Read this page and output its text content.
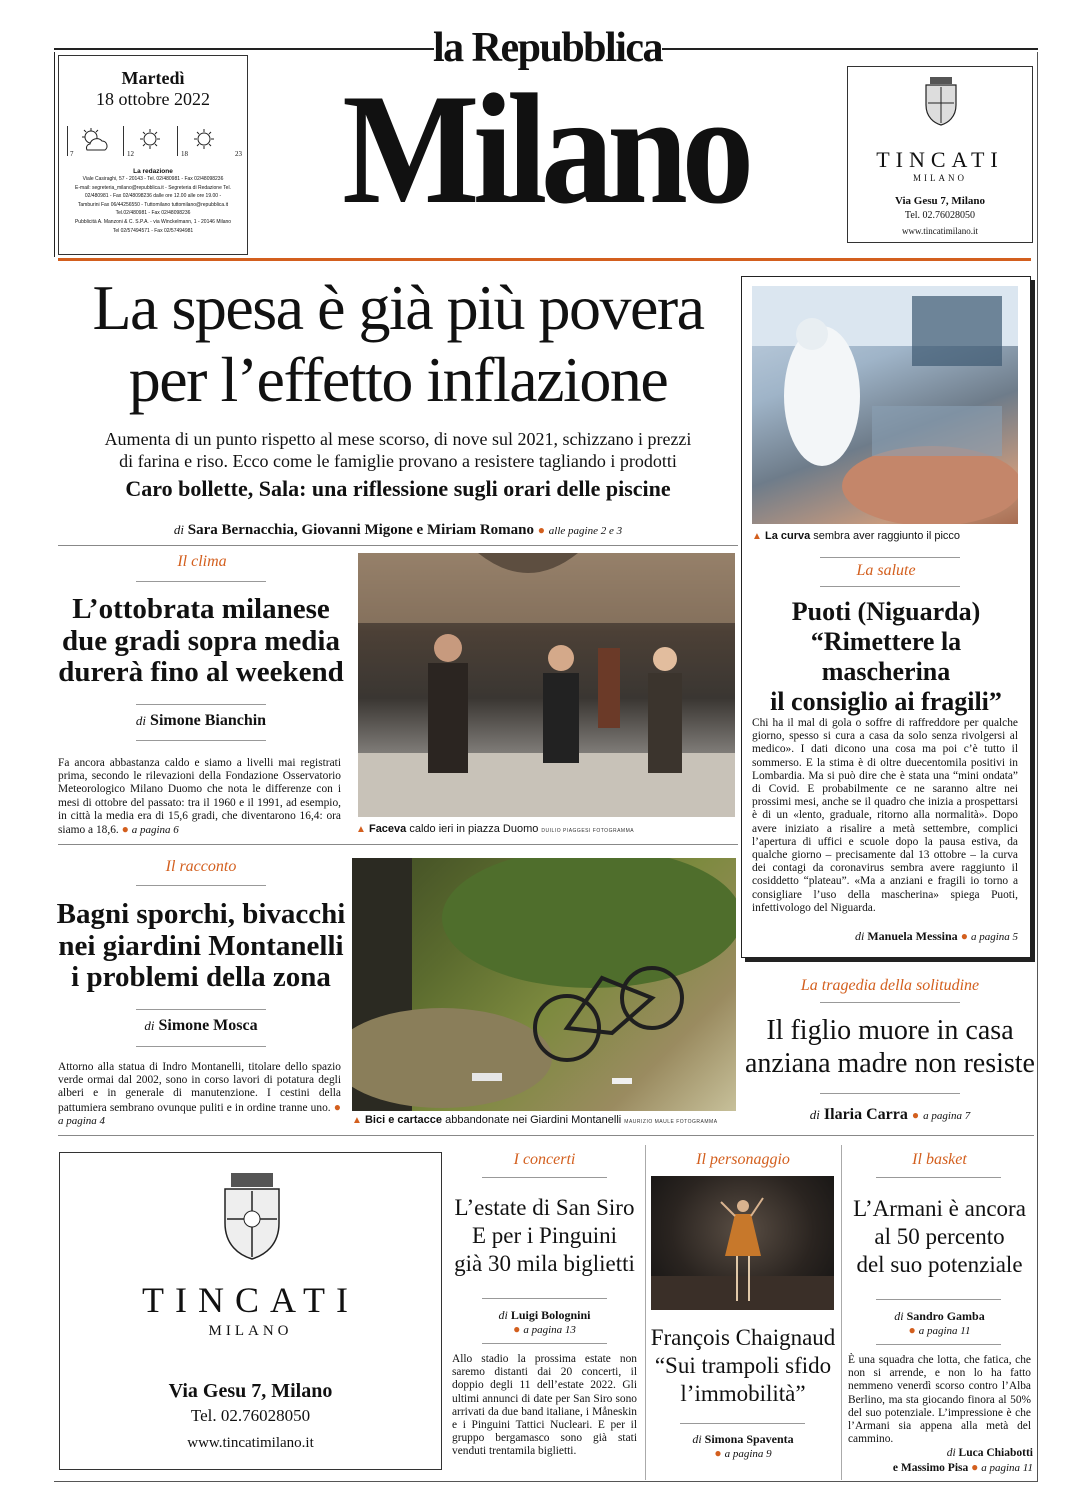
la Repubblica
Martedì
18 ottobre 2022
7	12	18	23
La redazione
Viale Casiraghi, 57 - 20143 - Tel. 02/480981 - Fax 02/48098236
E-mail: segreteria_milano@repubblica.it - Segreteria di Redazione Tel.
02/480981 - Fax 02/48098236 dalle ore 12.00 alle ore 19.00 -
Tamburini Fax 06/44256550 - Tuttomilano tuttomilano@repubblica.it
Tel.02/480981 - Fax 02/48098236
Pubblicità A. Manzoni & C. S.P.A. - via Winckelmann, 1 - 20146 Milano
Tel 02/57494571 - Fax 02/57494981 Milano	TINCATI
MILANO
Via Gesu 7, Milano
Tel. 02.76028050
www.tincatimilano.it
La spesa è già più povera
per l’effetto inflazione
Aumenta di un punto rispetto al mese scorso, di nove sul 2021, schizzano i prezzi
di farina e riso. Ecco come le famiglie provano a resistere tagliando i prodotti
Caro bollette, Sala: una riflessione sugli orari delle piscine
di Sara Bernacchia, Giovanni Migone e Miriam Romano ● alle pagine 2 e 3	▲ La curva sembra aver raggiunto il picco
La salute
Puoti (Niguarda)
“Rimettere la mascherina
il consiglio ai fragili”
Chi ha il mal di gola o soffre di raffreddore per qualche giorno, spesso si cura a casa da solo senza rivolgersi al medico». I dati dicono una cosa ma poi c’è tutto il sommerso. E la stima è di oltre duecentomila positivi in Lombardia. Ma si può dire che è stata una “mini ondata” di Covid. E probabilmente ce ne saranno altre nei prossimi mesi, anche se il quadro che inizia a prospettarsi è di un «lento, graduale, ritorno alla normalità». Dopo avere iniziato a risalire a metà settembre, complici l’apertura di uffici e scuole dopo la pausa estiva, da qualche giorno – precisamente dal 13 ottobre – la curva dei contagi da coronavirus sembra avere raggiunto il cosiddetto “plateau”. «Ma a anziani e fragili io torno a consigliare l’uso della mascherina» spiega Puoti, infettivologo del Niguarda.
di Manuela Messina ● a pagina 5
Il clima
L’ottobrata milanese
due gradi sopra media
durerà fino al weekend
di Simone Bianchin
Fa ancora abbastanza caldo e siamo a livelli mai registrati prima, secondo le rilevazioni della Fondazione Osservatorio Meteorologico Milano Duomo che nota le differenze con i mesi di ottobre del passato: tra il 1960 e il 1991, ad esempio, in città la media era di 15,6 gradi, che diventarono 16,4: ora siamo a 18,6. ● a pagina 6	▲ Faceva caldo ieri in piazza Duomo DUILIO PIAGGESI FOTOGRAMMA
Il racconto
Bagni sporchi, bivacchi
nei giardini Montanelli
i problemi della zona
di Simone Mosca
Attorno alla statua di Indro Montanelli, titolare dello spazio verde ormai dal 2002, sono in corso lavori di potatura degli alberi e in generale di manutenzione. I cestini della pattumiera sembrano ovunque puliti e in ordine tranne uno. ● a pagina 4	▲ Bici e cartacce abbandonate nei Giardini Montanelli MAURIZIO MAULE FOTOGRAMMA
La tragedia della solitudine
Il figlio muore in casa
anziana madre non resiste
di Ilaria Carra ● a pagina 7
TINCATI
MILANO
Via Gesu 7, Milano
Tel. 02.76028050
www.tincatimilano.it
I concerti
L’estate di San Siro
E per i Pinguini
già 30 mila biglietti
di Luigi Bolognini
● a pagina 13
Allo stadio la prossima estate non saremo distanti dai 20 concerti, il doppio degli 11 dell’estate 2022. Gli ultimi annunci di date per San Siro sono arrivati da due band italiane, i Måneskin e i Pinguini Tattici Nucleari. E per il gruppo bergamasco sono già stati venduti trentamila biglietti.
Il personaggio
François Chaignaud
“Sui trampoli sfido
l’immobilità”
di Simona Spaventa
● a pagina 9
Il basket
L’Armani è ancora
al 50 percento
del suo potenziale
di Sandro Gamba
● a pagina 11
È una squadra che lotta, che fatica, che non si arrende, e non lo ha fatto nemmeno venerdì scorso contro l’Alba Berlino, ma sta giocando finora al 50% del suo potenziale. L’impressione è che l’Armani sia appena alla metà del cammino.
di Luca Chiabotti
e Massimo Pisa ● a pagina 11
